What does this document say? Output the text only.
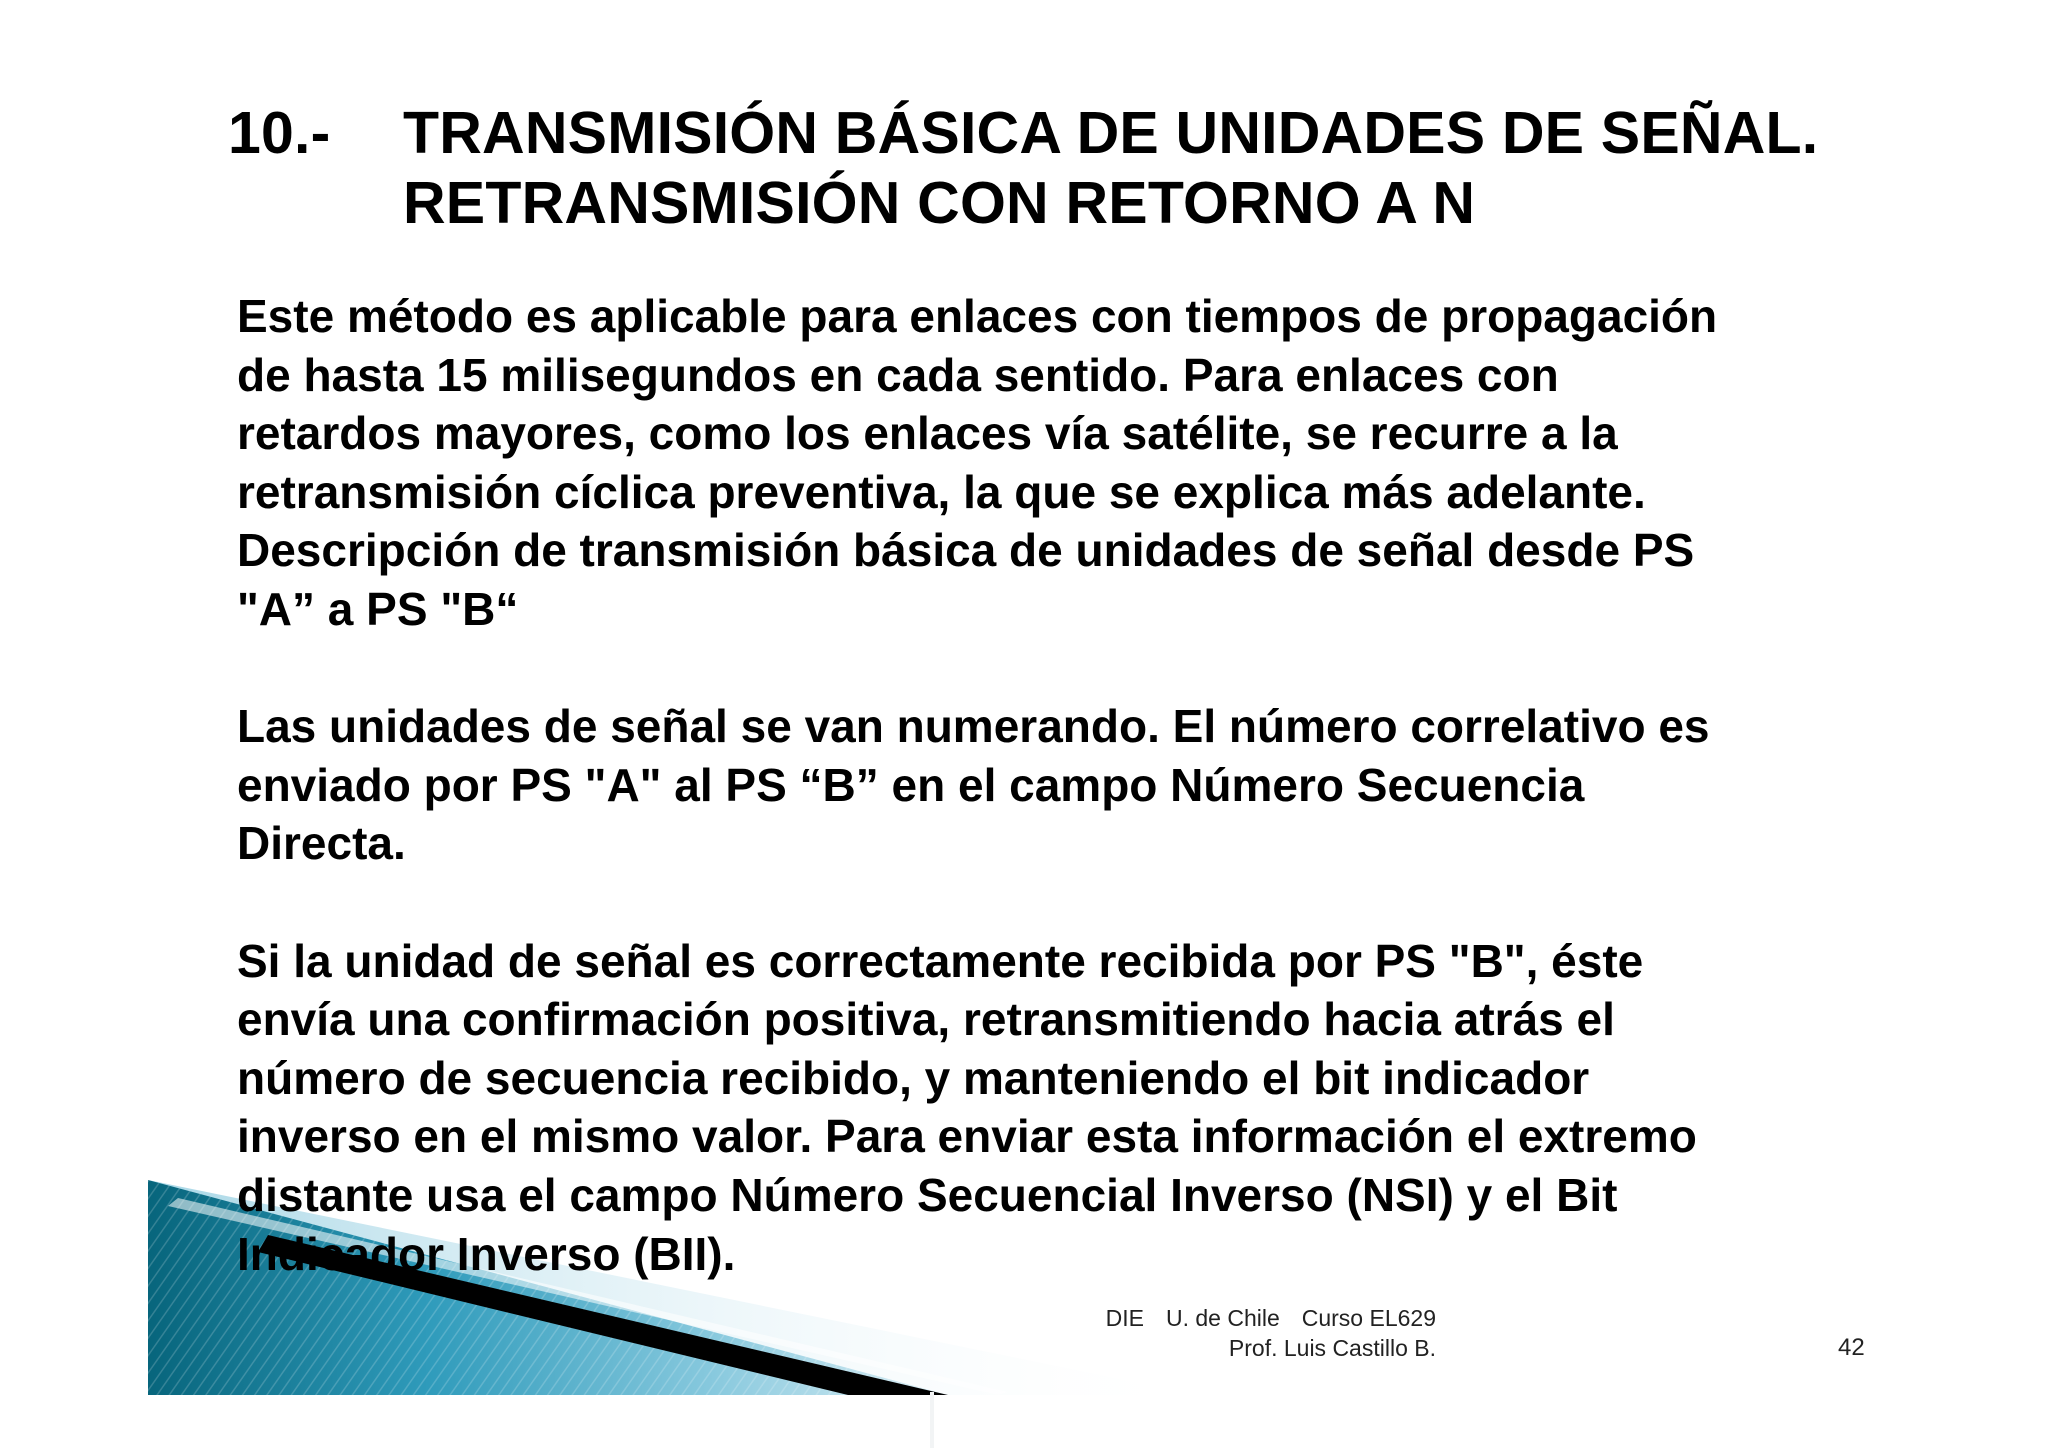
10.-	TRANSMISIÓN BÁSICA DE UNIDADES DE SEÑAL.
RETRANSMISIÓN CON RETORNO A N
Este método es aplicable para enlaces con tiempos de propagación
de hasta 15 milisegundos en cada sentido. Para enlaces con
retardos mayores, como los enlaces vía satélite, se recurre a la
retransmisión cíclica preventiva, la que se explica más adelante.
Descripción de transmisión básica de unidades de señal desde PS
"A” a PS "B“
Las unidades de señal se van numerando. El número correlativo es
enviado por PS "A" al PS “B” en el campo Número Secuencia
Directa.
Si la unidad de señal es correctamente recibida por PS "B", éste
envía una confirmación positiva, retransmitiendo hacia atrás el
número de secuencia recibido, y manteniendo el bit indicador
inverso en el mismo valor. Para enviar esta información el extremo
distante usa el campo Número Secuencial Inverso (NSI) y el Bit
Indicador Inverso (BII).
DIE U. de Chile Curso EL629
Prof. Luis Castillo B.	42
